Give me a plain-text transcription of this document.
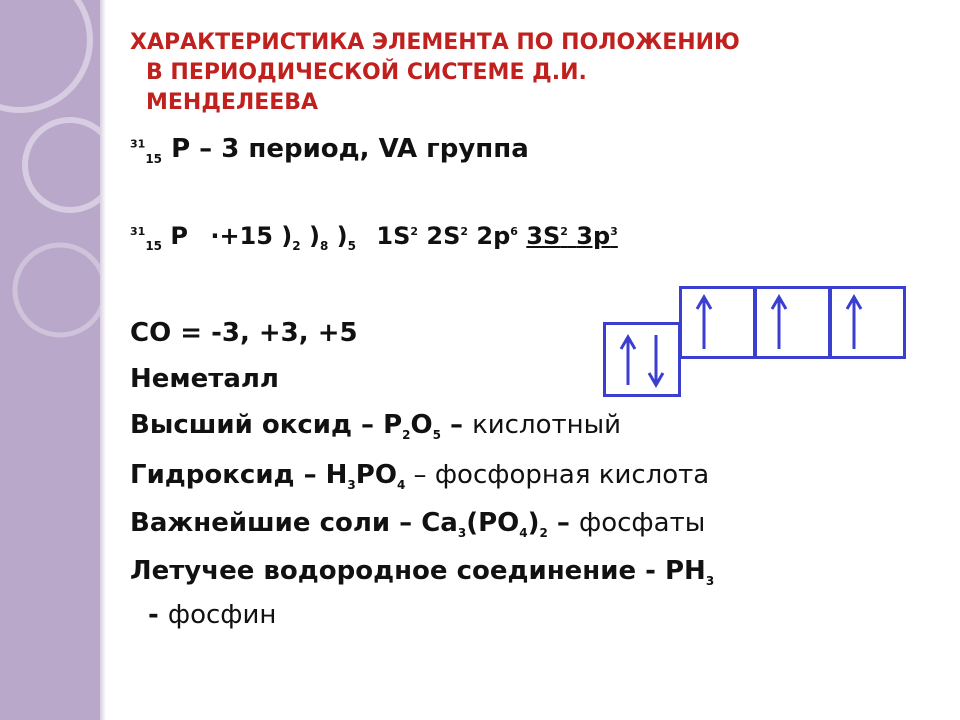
ХАРАКТЕРИСТИКА ЭЛЕМЕНТА ПО ПОЛОЖЕНИЮ
В ПЕРИОДИЧЕСКОЙ СИСТЕМЕ Д.И.
МЕНДЕЛЕЕВА
$^{31}_{15}$ P – 3 период, VA группа
$^{31}_{15}$ P ·+15 )$_2$ )$_8$ )$_5$ $1S^2$ $2S^2$ $2p^6$ $3S^2$ $3p^3$
CO = -3, +3, +5
Неметалл
Высший оксид – $P_2O_5$ – кислотный
Гидроксид – $H_3PO_4$ – фосфорная кислота
Важнейшие соли – $Ca_3(PO_4)_2$ – фосфаты
Летучее водородное соединение - $PH_3$
- фосфин
